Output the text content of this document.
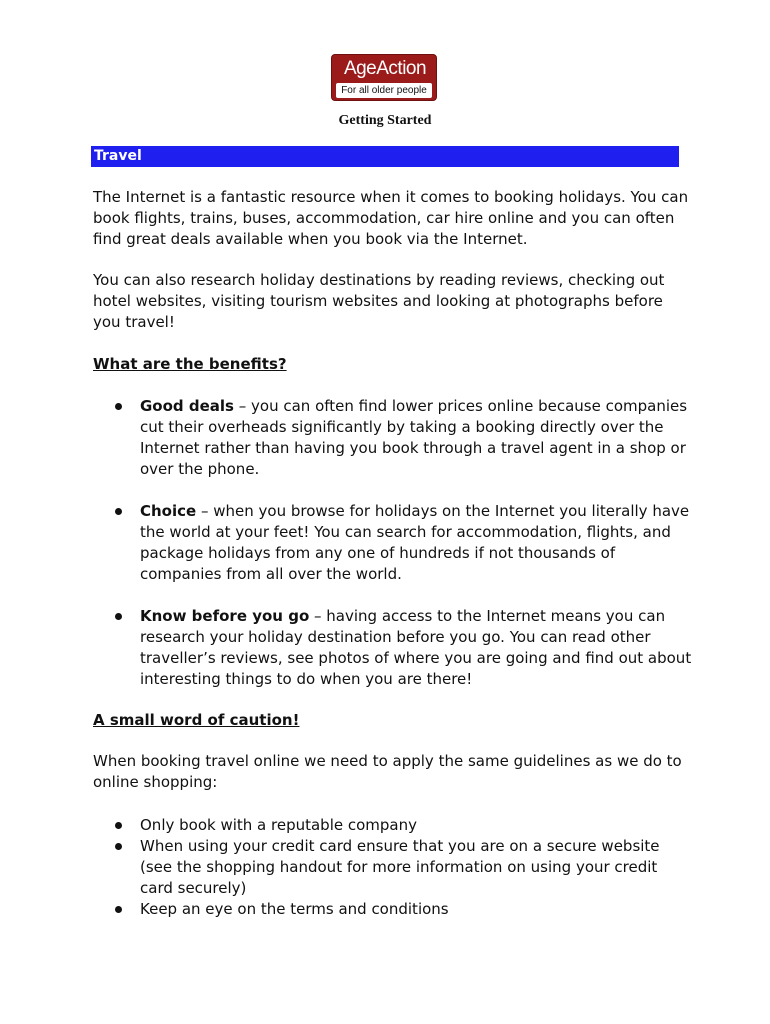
AgeAction
For all older people
Getting Started
Travel

The Internet is a fantastic resource when it comes to booking holidays. You can book flights, trains, buses, accommodation, car hire online and you can often find great deals available when you book via the Internet.

You can also research holiday destinations by reading reviews, checking out hotel websites, visiting tourism websites and looking at photographs before you travel!

What are the benefits?

Good deals – you can often find lower prices online because companies cut their overheads significantly by taking a booking directly over the Internet rather than having you book through a travel agent in a shop or over the phone.
Choice – when you browse for holidays on the Internet you literally have the world at your feet! You can search for accommodation, flights, and package holidays from any one of hundreds if not thousands of companies from all over the world.
Know before you go – having access to the Internet means you can research your holiday destination before you go. You can read other traveller’s reviews, see photos of where you are going and find out about interesting things to do when you are there!

A small word of caution!

When booking travel online we need to apply the same guidelines as we do to online shopping:

Only book with a reputable company
When using your credit card ensure that you are on a secure website (see the shopping handout for more information on using your credit card securely)
Keep an eye on the terms and conditions
